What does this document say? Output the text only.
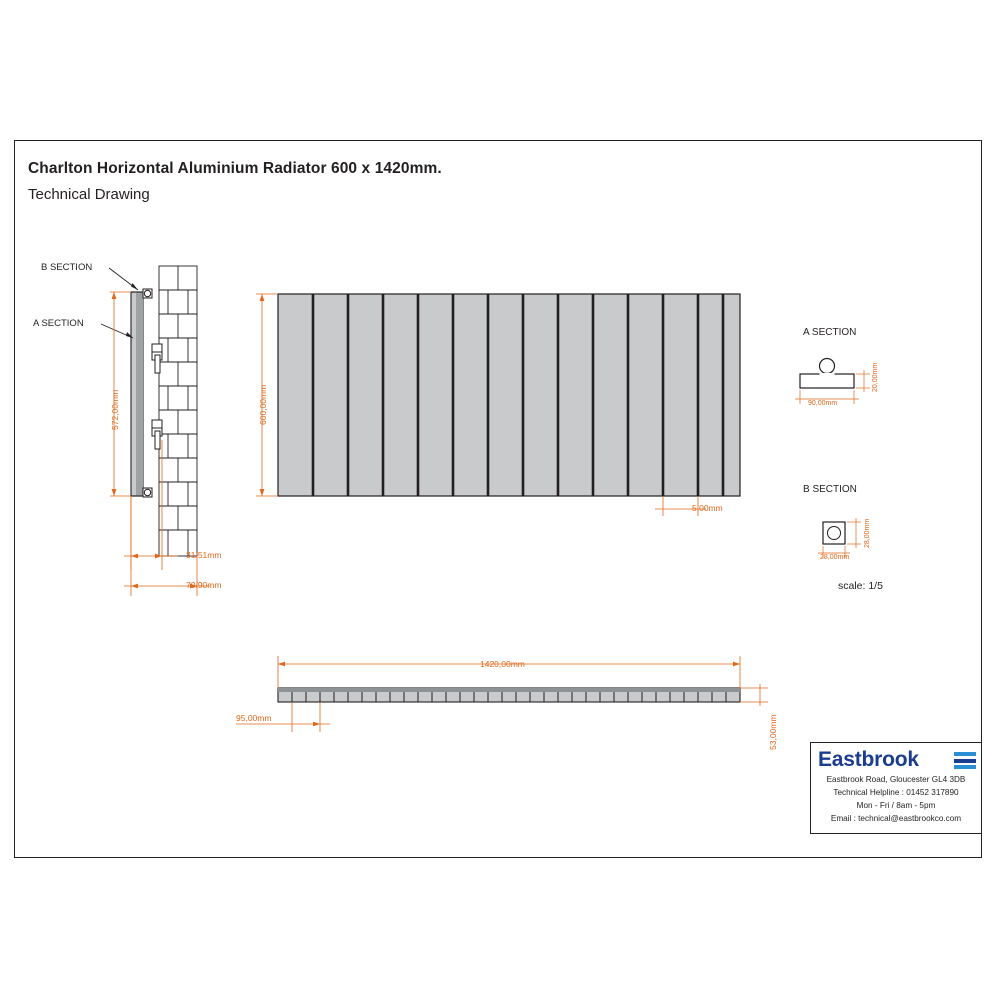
Charlton Horizontal Aluminium Radiator 600 x 1420mm.
Technical Drawing
B SECTION
A SECTION
572,00mm
31/51mm
70/90mm
600,00mm
5,00mm
A SECTION
90,00mm
20,00mm
B SECTION
28,00mm
28,00mm
scale: 1/5
1420,00mm
95,00mm	53,00mm
Eastbrook
Eastbrook Road, Gloucester GL4 3DB
Technical Helpline : 01452 317890
Mon - Fri / 8am - 5pm
Email : technical@eastbrookco.com
